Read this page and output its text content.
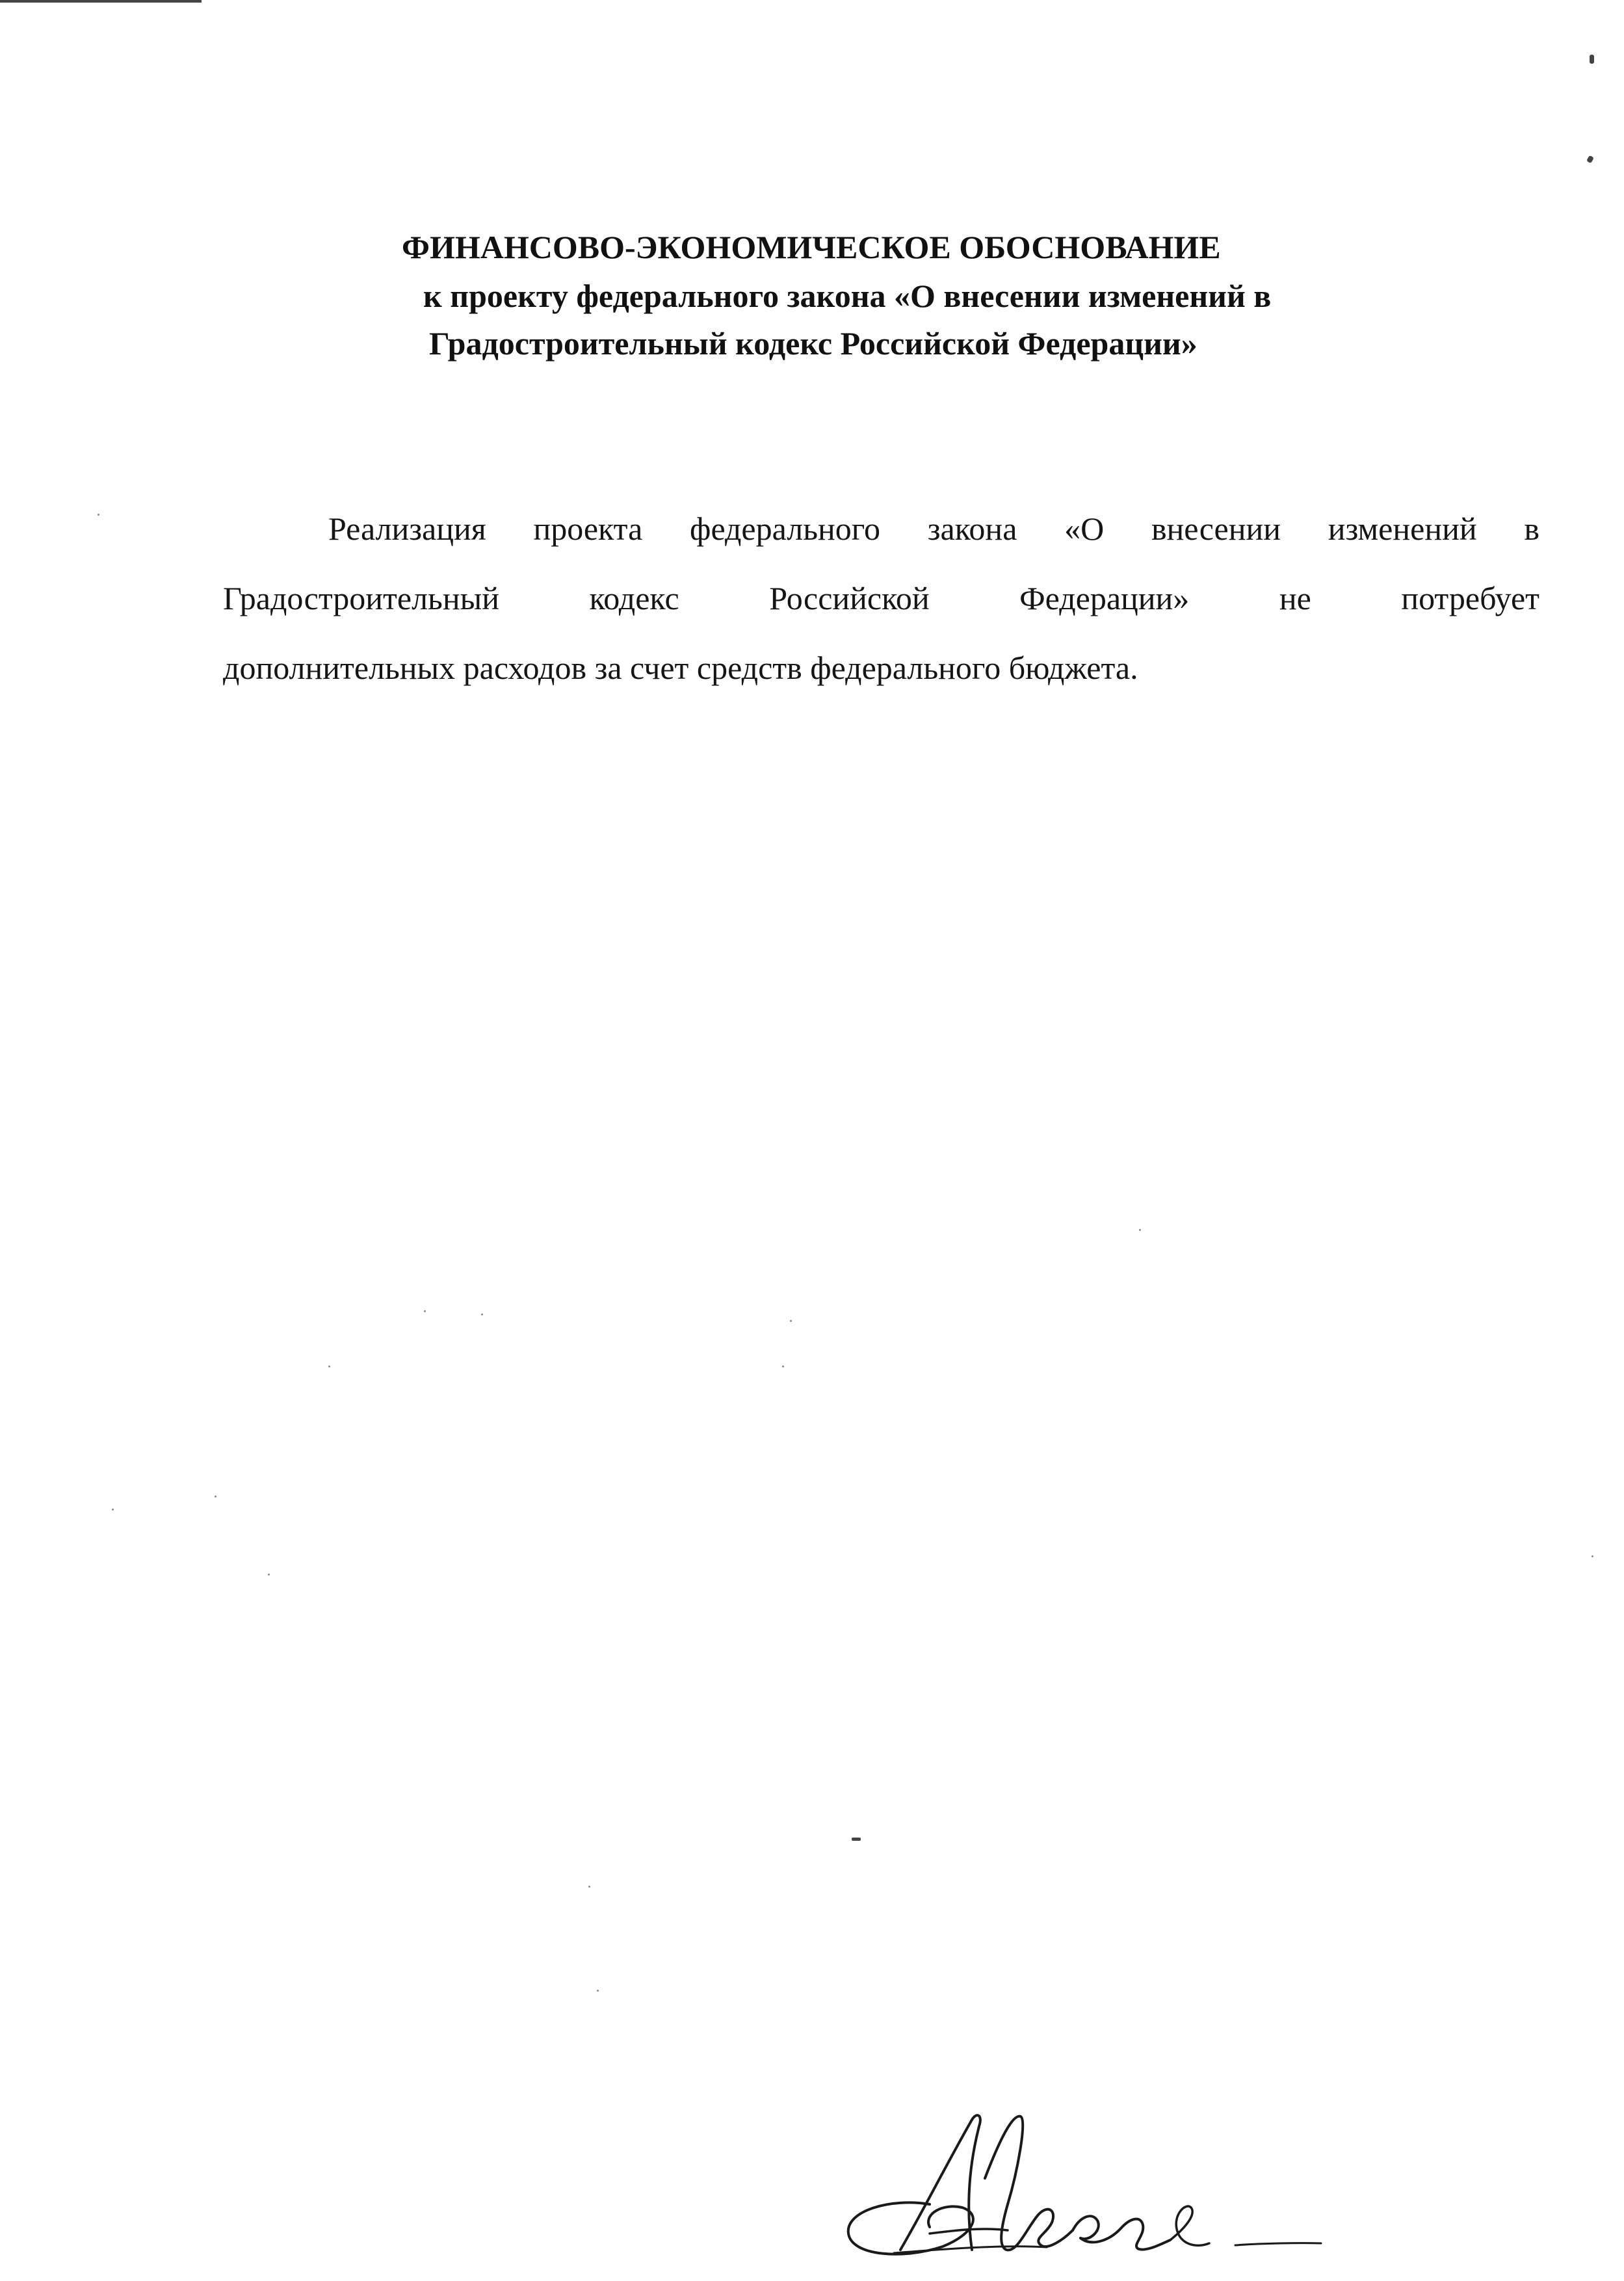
ФИНАНСОВО-ЭКОНОМИЧЕСКОЕ ОБОСНОВАНИЕ
к проекту федерального закона «О внесении изменений в
Градостроительный кодекс Российской Федерации»
Реализация проекта федерального закона «О внесении изменений в
Градостроительный	кодекс	Российской	Федерации»	не	потребует
дополнительных расходов за счет средств федерального бюджета.
